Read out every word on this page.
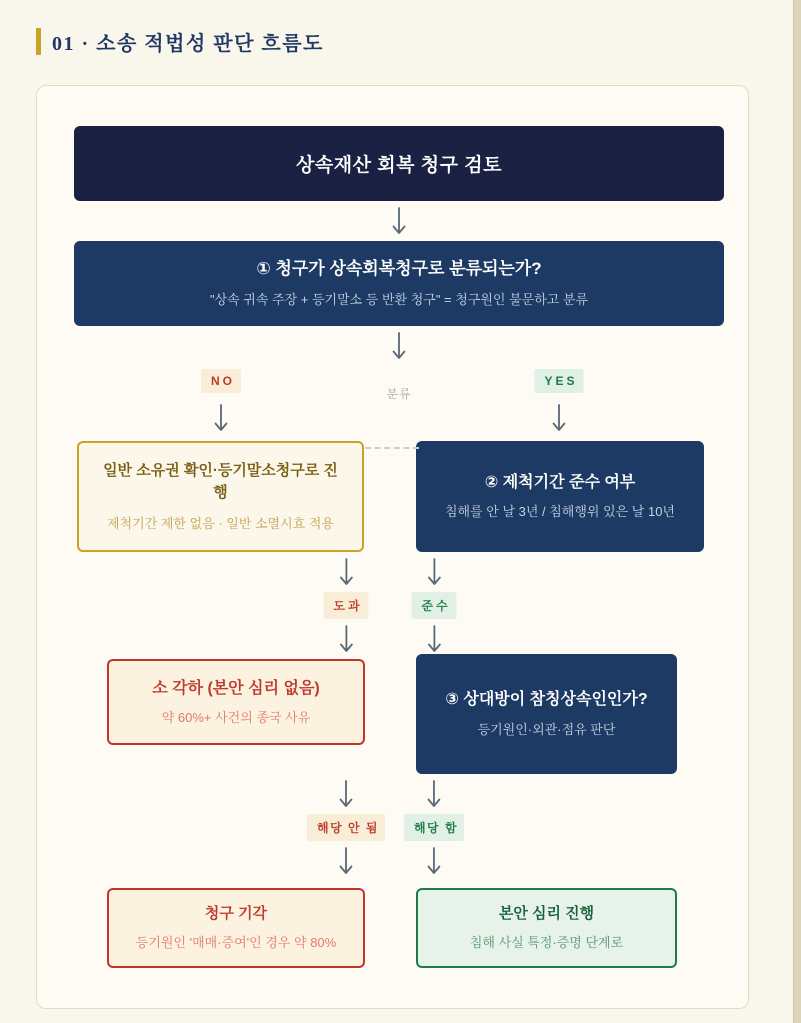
01 · 소송 적법성 판단 흐름도
상속재산 회복 청구 검토
① 청구가 상속회복청구로 분류되는가?
"상속 귀속 주장 + 등기말소 등 반환 청구" = 청구원인 불문하고 분류
NO
분류
YES
일반 소유권 확인·등기말소청구로 진행
제척기간 제한 없음 · 일반 소멸시효 적용
② 제척기간 준수 여부
침해를 안 날 3년 / 침해행위 있은 날 10년
도과	준수
소 각하 (본안 심리 없음)
약 60%+ 사건의 종국 사유
③ 상대방이 참칭상속인인가?
등기원인·외관·점유 판단
해당 안 됨	해당 함
청구 기각
등기원인 '매매·증여'인 경우 약 80%
본안 심리 진행
침해 사실 특정·증명 단계로
